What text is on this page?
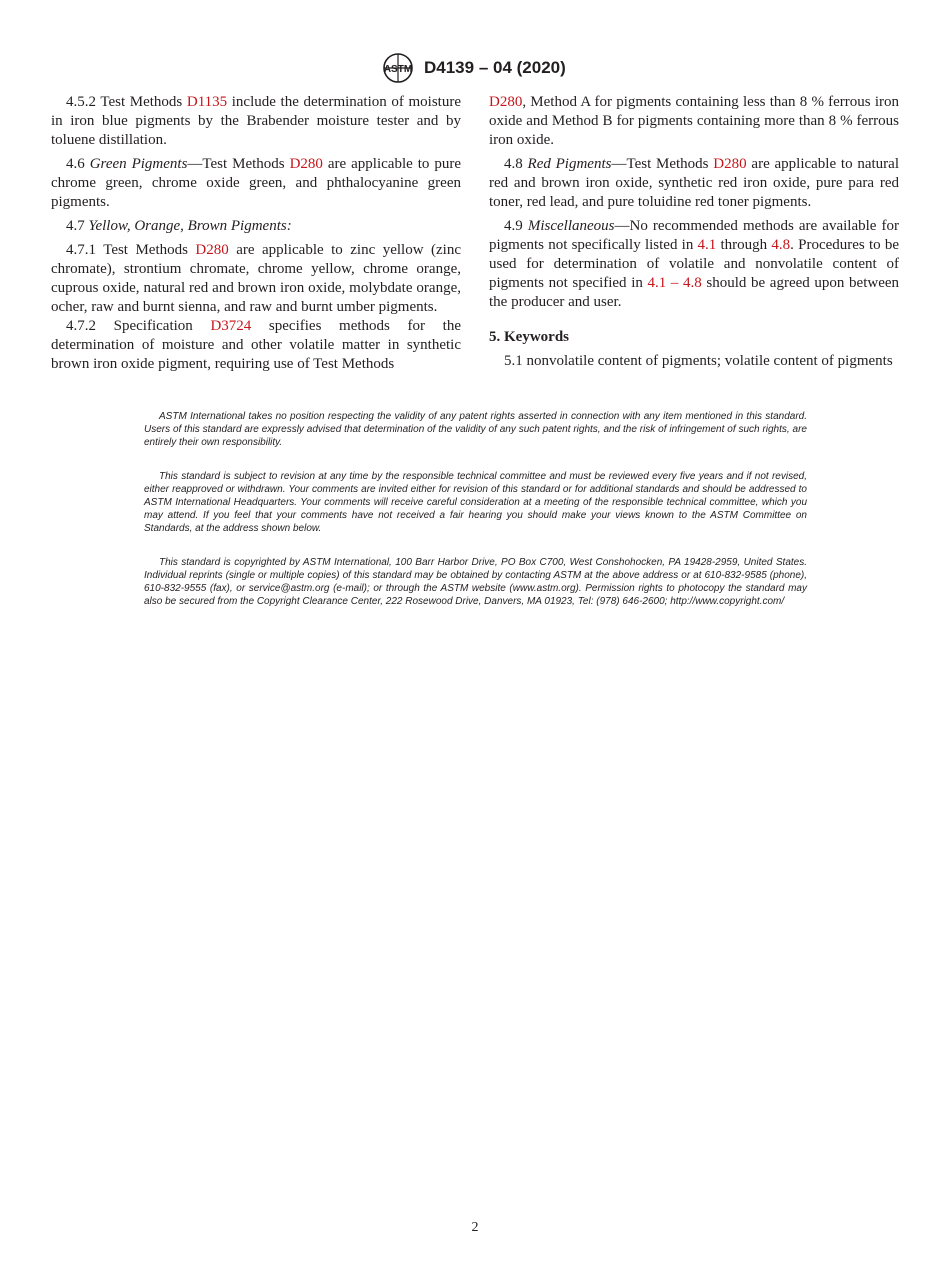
ASTM D4139 – 04 (2020)

4.5.2 Test Methods D1135 include the determination of moisture in iron blue pigments by the Brabender moisture tester and by toluene distillation.

4.6 Green Pigments—Test Methods D280 are applicable to pure chrome green, chrome oxide green, and phthalocyanine green pigments.

4.7 Yellow, Orange, Brown Pigments:

4.7.1 Test Methods D280 are applicable to zinc yellow (zinc chromate), strontium chromate, chrome yellow, chrome orange, cuprous oxide, natural red and brown iron oxide, molybdate orange, ocher, raw and burnt sienna, and raw and burnt umber pigments.

4.7.2 Specification D3724 specifies methods for the determination of moisture and other volatile matter in synthetic brown iron oxide pigment, requiring use of Test Methods

D280, Method A for pigments containing less than 8 % ferrous iron oxide and Method B for pigments containing more than 8 % ferrous iron oxide.

4.8 Red Pigments—Test Methods D280 are applicable to natural red and brown iron oxide, synthetic red iron oxide, pure para red toner, red lead, and pure toluidine red toner pigments.

4.9 Miscellaneous—No recommended methods are available for pigments not specifically listed in 4.1 through 4.8. Procedures to be used for determination of volatile and nonvolatile content of pigments not specified in 4.1 – 4.8 should be agreed upon between the producer and user.

5. Keywords

5.1 nonvolatile content of pigments; volatile content of pigments

ASTM International takes no position respecting the validity of any patent rights asserted in connection with any item mentioned in this standard. Users of this standard are expressly advised that determination of the validity of any such patent rights, and the risk of infringement of such rights, are entirely their own responsibility.

This standard is subject to revision at any time by the responsible technical committee and must be reviewed every five years and if not revised, either reapproved or withdrawn. Your comments are invited either for revision of this standard or for additional standards and should be addressed to ASTM International Headquarters. Your comments will receive careful consideration at a meeting of the responsible technical committee, which you may attend. If you feel that your comments have not received a fair hearing you should make your views known to the ASTM Committee on Standards, at the address shown below.

This standard is copyrighted by ASTM International, 100 Barr Harbor Drive, PO Box C700, West Conshohocken, PA 19428-2959, United States. Individual reprints (single or multiple copies) of this standard may be obtained by contacting ASTM at the above address or at 610-832-9585 (phone), 610-832-9555 (fax), or service@astm.org (e-mail); or through the ASTM website (www.astm.org). Permission rights to photocopy the standard may also be secured from the Copyright Clearance Center, 222 Rosewood Drive, Danvers, MA 01923, Tel: (978) 646-2600; http://www.copyright.com/

2
